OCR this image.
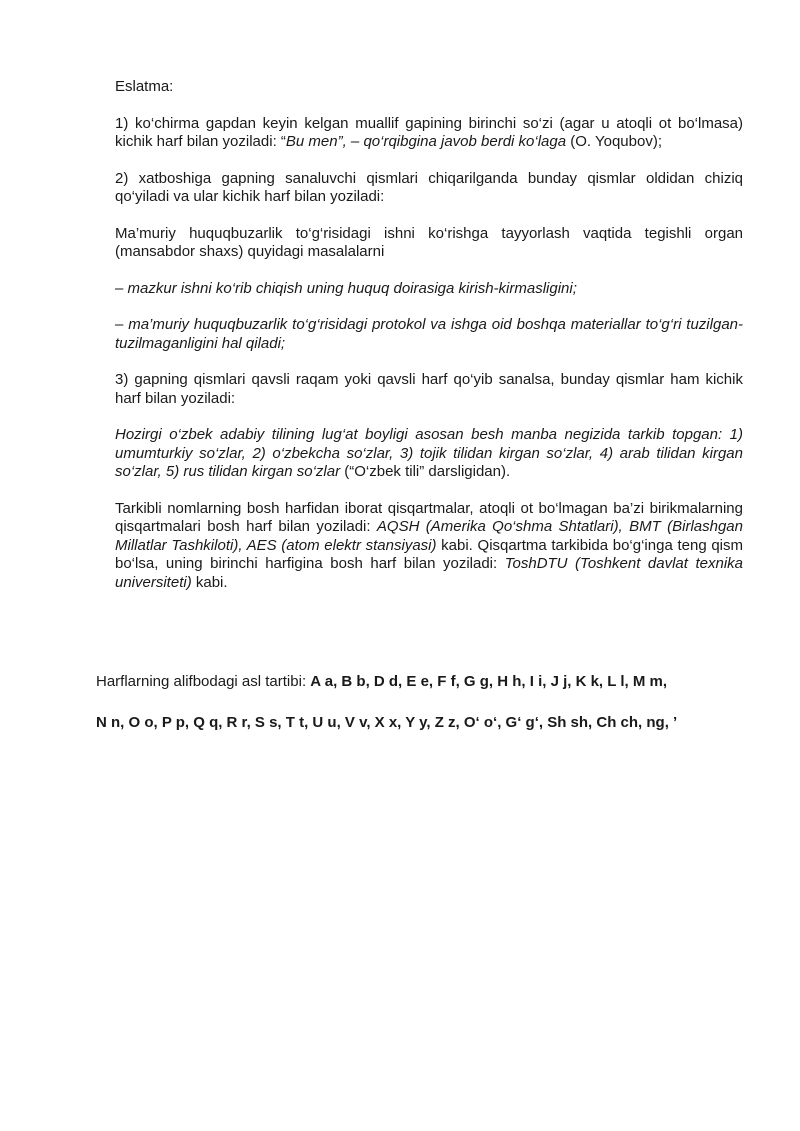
Eslatma:

1) ko‘chirma gapdan keyin kelgan muallif gapining birinchi so‘zi (agar u atoqli ot bo‘lmasa) kichik harf bilan yoziladi: “Bu men”, – qo‘rqibgina javob berdi ko‘laga (O. Yoqubov);

2) xatboshiga gapning sanaluvchi qismlari chiqarilganda bunday qismlar oldidan chiziq qo‘yiladi va ular kichik harf bilan yoziladi:

Ma’muriy huquqbuzarlik to‘g‘risidagi ishni ko‘rishga tayyorlash vaqtida tegishli organ (mansabdor shaxs) quyidagi masalalarni

– mazkur ishni ko‘rib chiqish uning huquq doirasiga kirish-kirmasligini;

– ma’muriy huquqbuzarlik to‘g‘risidagi protokol va ishga oid boshqa materiallar to‘g‘ri tuzilgan-tuzilmaganligini hal qiladi;

3) gapning qismlari qavsli raqam yoki qavsli harf qo‘yib sanalsa, bunday qismlar ham kichik harf bilan yoziladi:

Hozirgi o‘zbek adabiy tilining lug‘at boyligi asosan besh manba negizida tarkib topgan: 1) umumturkiy so‘zlar, 2) o‘zbekcha so‘zlar, 3) tojik tilidan kirgan so‘zlar, 4) arab tilidan kirgan so‘zlar, 5) rus tilidan kirgan so‘zlar (“O‘zbek tili” darsligidan).

Tarkibli nomlarning bosh harfidan iborat qisqartmalar, atoqli ot bo‘lmagan ba’zi birikmalarning qisqartmalari bosh harf bilan yoziladi: AQSH (Amerika Qo‘shma Shtatlari), BMT (Birlashgan Millatlar Tashkiloti), AES (atom elektr stansiyasi) kabi. Qisqartma tarkibida bo‘g‘inga teng qism bo‘lsa, uning birinchi harfigina bosh harf bilan yoziladi: ToshDTU (Toshkent davlat texnika universiteti) kabi.

Harflarning alifbodagi asl tartibi: A a, B b, D d, E e, F f, G g, H h, I i, J j, K k, L l, M m,

N n, O o, P p, Q q, R r, S s, T t, U u, V v, X x, Y y, Z z, O‘ o‘, G‘ g‘, Sh sh, Ch ch, ng, ’
